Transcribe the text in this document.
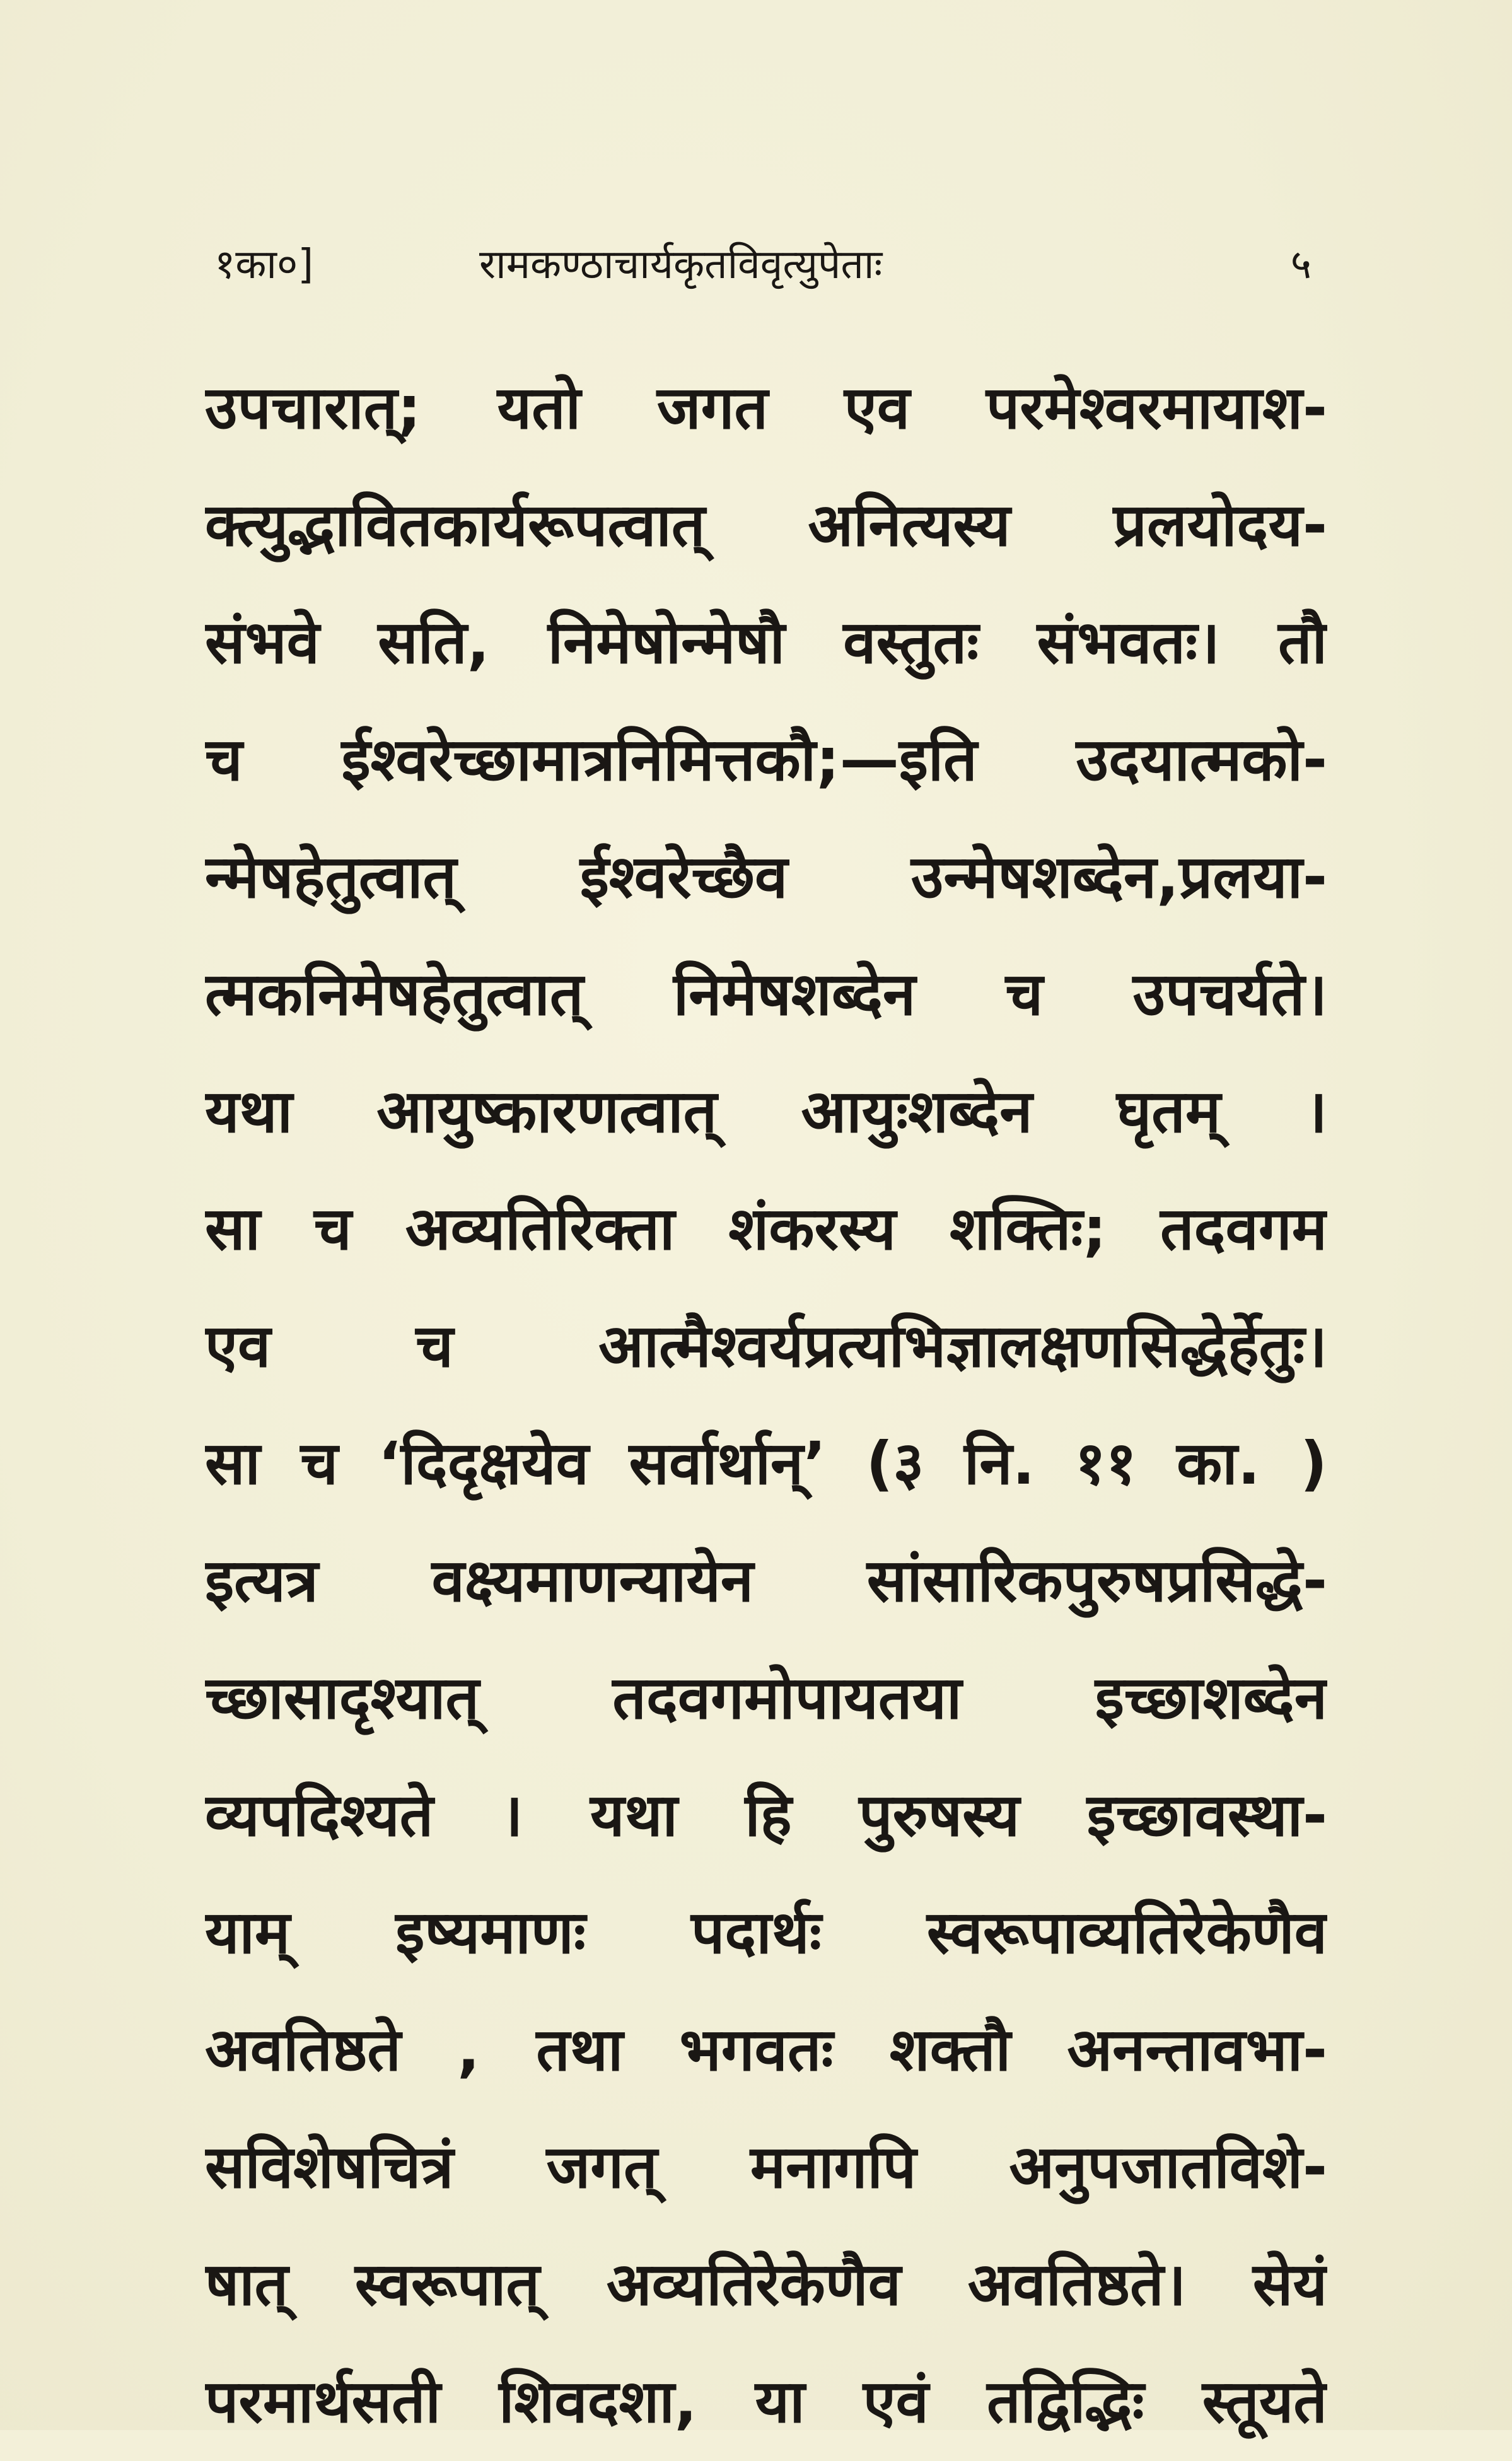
१का०]	रामकण्ठाचार्यकृतविवृत्युपेताः	५
उपचारात्; यतो जगत एव परमेश्वरमायाश-
क्त्युद्भावितकार्यरूपत्वात् अनित्यस्य प्रलयोदय-
संभवे सति, निमेषोन्मेषौ वस्तुतः संभवतः। तौ
च ईश्वरेच्छामात्रनिमित्तकौ;—इति उदयात्मको-
न्मेषहेतुत्वात् ईश्वरेच्छैव उन्मेषशब्देन,प्रलया-
त्मकनिमेषहेतुत्वात् निमेषशब्देन च उपचर्यते।
यथा आयुष्कारणत्वात् आयुःशब्देन घृतम् ।
सा च अव्यतिरिक्ता शंकरस्य शक्तिः; तदवगम
एव च आत्मैश्वर्यप्रत्यभिज्ञालक्षणसिद्धेर्हेतुः।
सा च ‘दिदृक्षयेव सर्वार्थान्’ (३ नि. ११ का. )
इत्यत्र वक्ष्यमाणन्यायेन सांसारिकपुरुषप्रसिद्धे-
च्छासादृश्यात् तदवगमोपायतया इच्छाशब्देन
व्यपदिश्यते । यथा हि पुरुषस्य इच्छावस्था-
याम् इष्यमाणः पदार्थः स्वरूपाव्यतिरेकेणैव
अवतिष्ठते , तथा भगवतः शक्तौ अनन्तावभा-
सविशेषचित्रं जगत् मनागपि अनुपजातविशे-
षात् स्वरूपात् अव्यतिरेकेणैव अवतिष्ठते। सेयं
परमार्थसती शिवदशा, या एवं तद्विद्भिः स्तूयते
